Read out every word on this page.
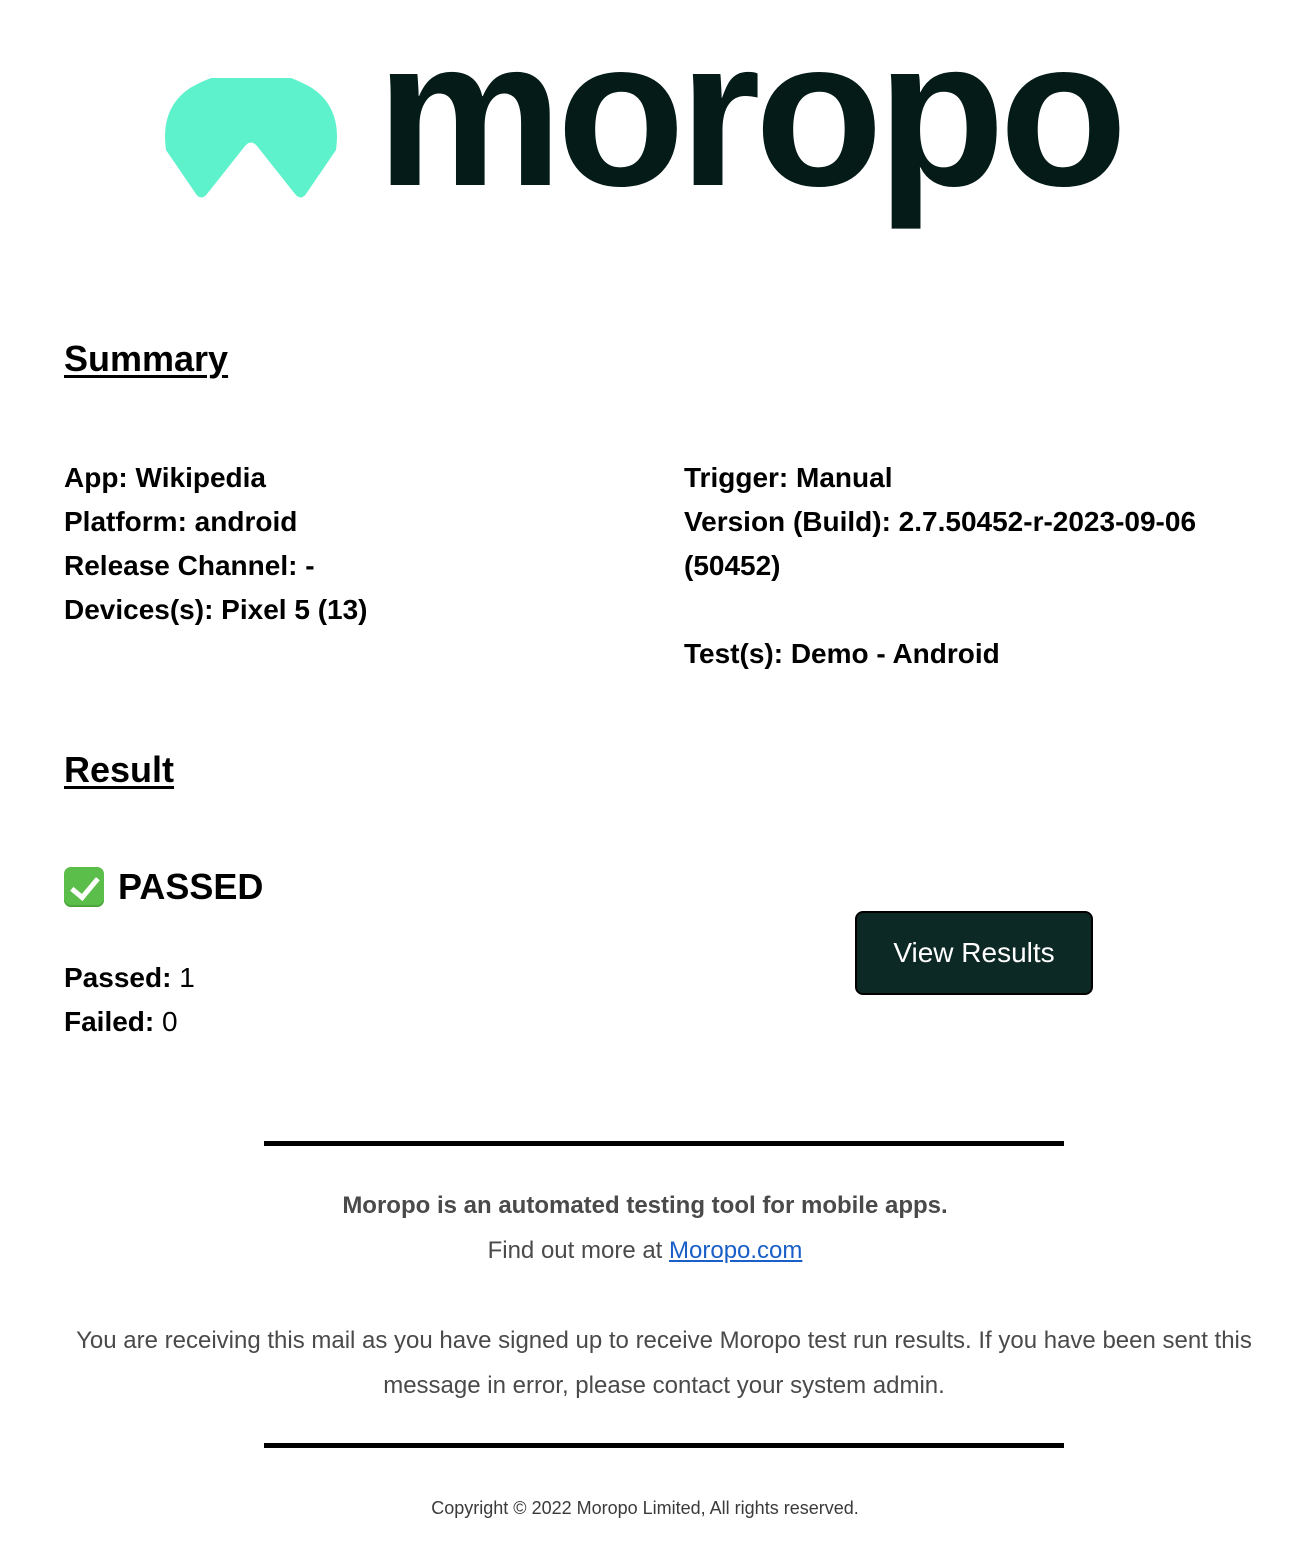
moropo
Summary
App: Wikipedia
Platform: android
Release Channel: -
Devices(s): Pixel 5 (13)
Trigger: Manual
Version (Build): 2.7.50452-r-2023-09-06 (50452)
Test(s): Demo - Android
Result
PASSED
Passed: 1
Failed: 0
View Results
Moropo is an automated testing tool for mobile apps.
Find out more at Moropo.com
You are receiving this mail as you have signed up to receive Moropo test run results. If you have been sent this message in error, please contact your system admin.
Copyright © 2022 Moropo Limited, All rights reserved.
